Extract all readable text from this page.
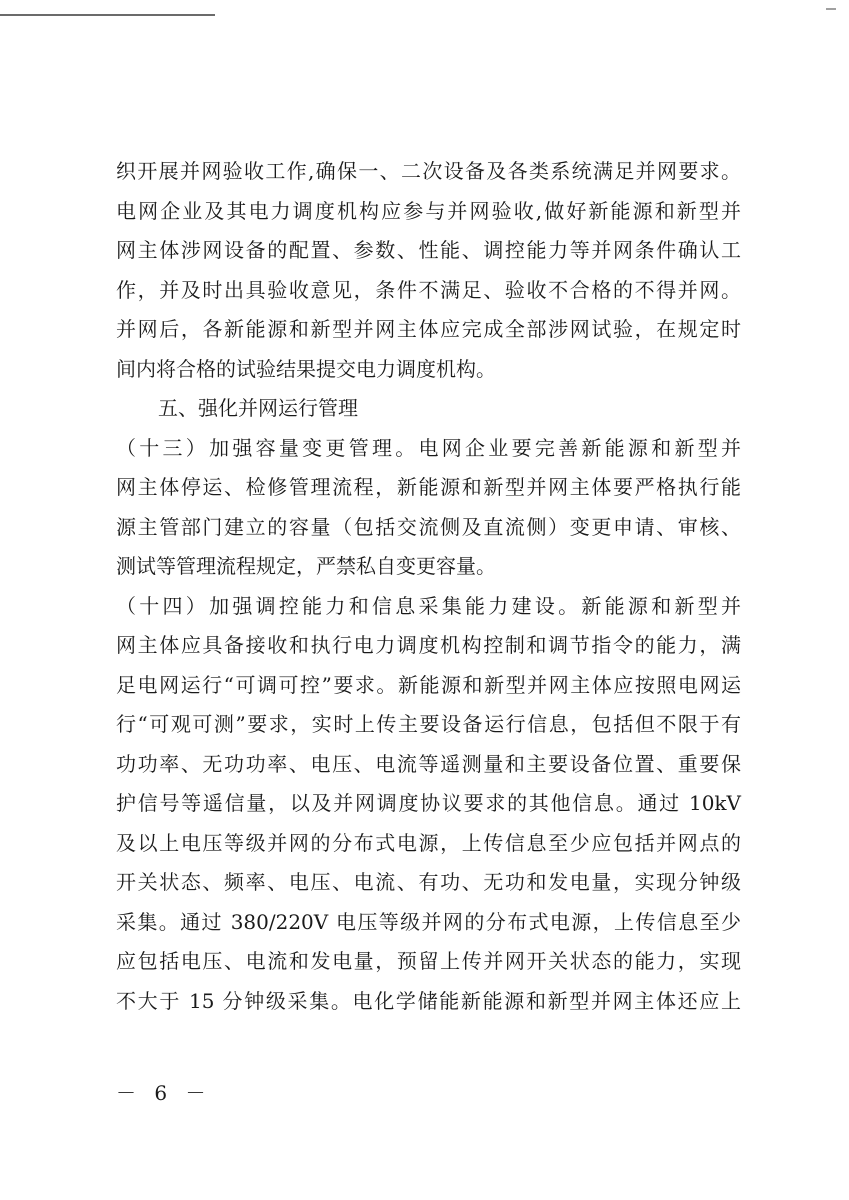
织开展并网验收工作,确保一、二次设备及各类系统满足并网要求。
电网企业及其电力调度机构应参与并网验收,做好新能源和新型并
网主体涉网设备的配置、参数、性能、调控能力等并网条件确认工
作，并及时出具验收意见，条件不满足、验收不合格的不得并网。
并网后，各新能源和新型并网主体应完成全部涉网试验，在规定时
间内将合格的试验结果提交电力调度机构。
五、强化并网运行管理
（十三）加强容量变更管理。电网企业要完善新能源和新型并
网主体停运、检修管理流程，新能源和新型并网主体要严格执行能
源主管部门建立的容量（包括交流侧及直流侧）变更申请、审核、
测试等管理流程规定，严禁私自变更容量。
（十四）加强调控能力和信息采集能力建设。新能源和新型并
网主体应具备接收和执行电力调度机构控制和调节指令的能力，满
足电网运行“可调可控”要求。新能源和新型并网主体应按照电网运
行“可观可测”要求，实时上传主要设备运行信息，包括但不限于有
功功率、无功功率、电压、电流等遥测量和主要设备位置、重要保
护信号等遥信量，以及并网调度协议要求的其他信息。通过 10kV
及以上电压等级并网的分布式电源，上传信息至少应包括并网点的
开关状态、频率、电压、电流、有功、无功和发电量，实现分钟级
采集。通过 380/220V 电压等级并网的分布式电源，上传信息至少
应包括电压、电流和发电量，预留上传并网开关状态的能力，实现
不大于 15 分钟级采集。电化学储能新能源和新型并网主体还应上
－ 6 －
